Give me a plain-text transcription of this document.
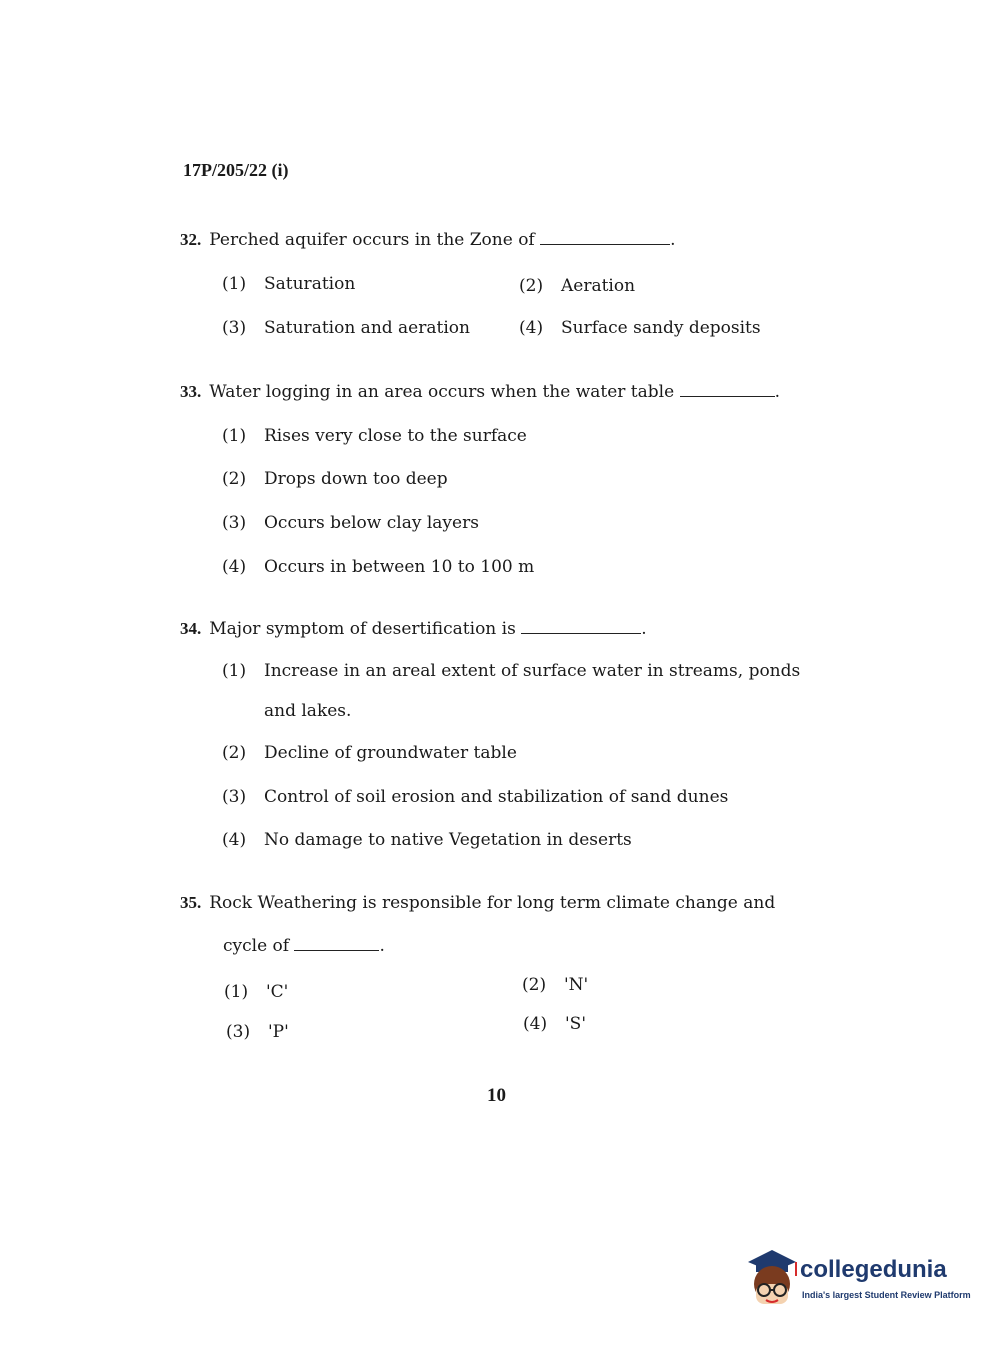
17P/205/22 (i)
32. Perched aquifer occurs in the Zone of	.
(1) Saturation	(2) Aeration
(3) Saturation and aeration	(4) Surface sandy deposits
33. Water logging in an area occurs when the water table	.
(1) Rises very close to the surface
(2) Drops down too deep
(3) Occurs below clay layers
(4) Occurs in between 10 to 100 m
34. Major symptom of desertification is	.
(1) Increase in an areal extent of surface water in streams, ponds
and lakes.
(2) Decline of groundwater table
(3) Control of soil erosion and stabilization of sand dunes
(4) No damage to native Vegetation in deserts
35. Rock Weathering is responsible for long term climate change and
cycle of	.
(1) 'C'	(2) 'N'
(3) 'P'	(4) 'S'
10
collegedunia
India's largest Student Review Platform
